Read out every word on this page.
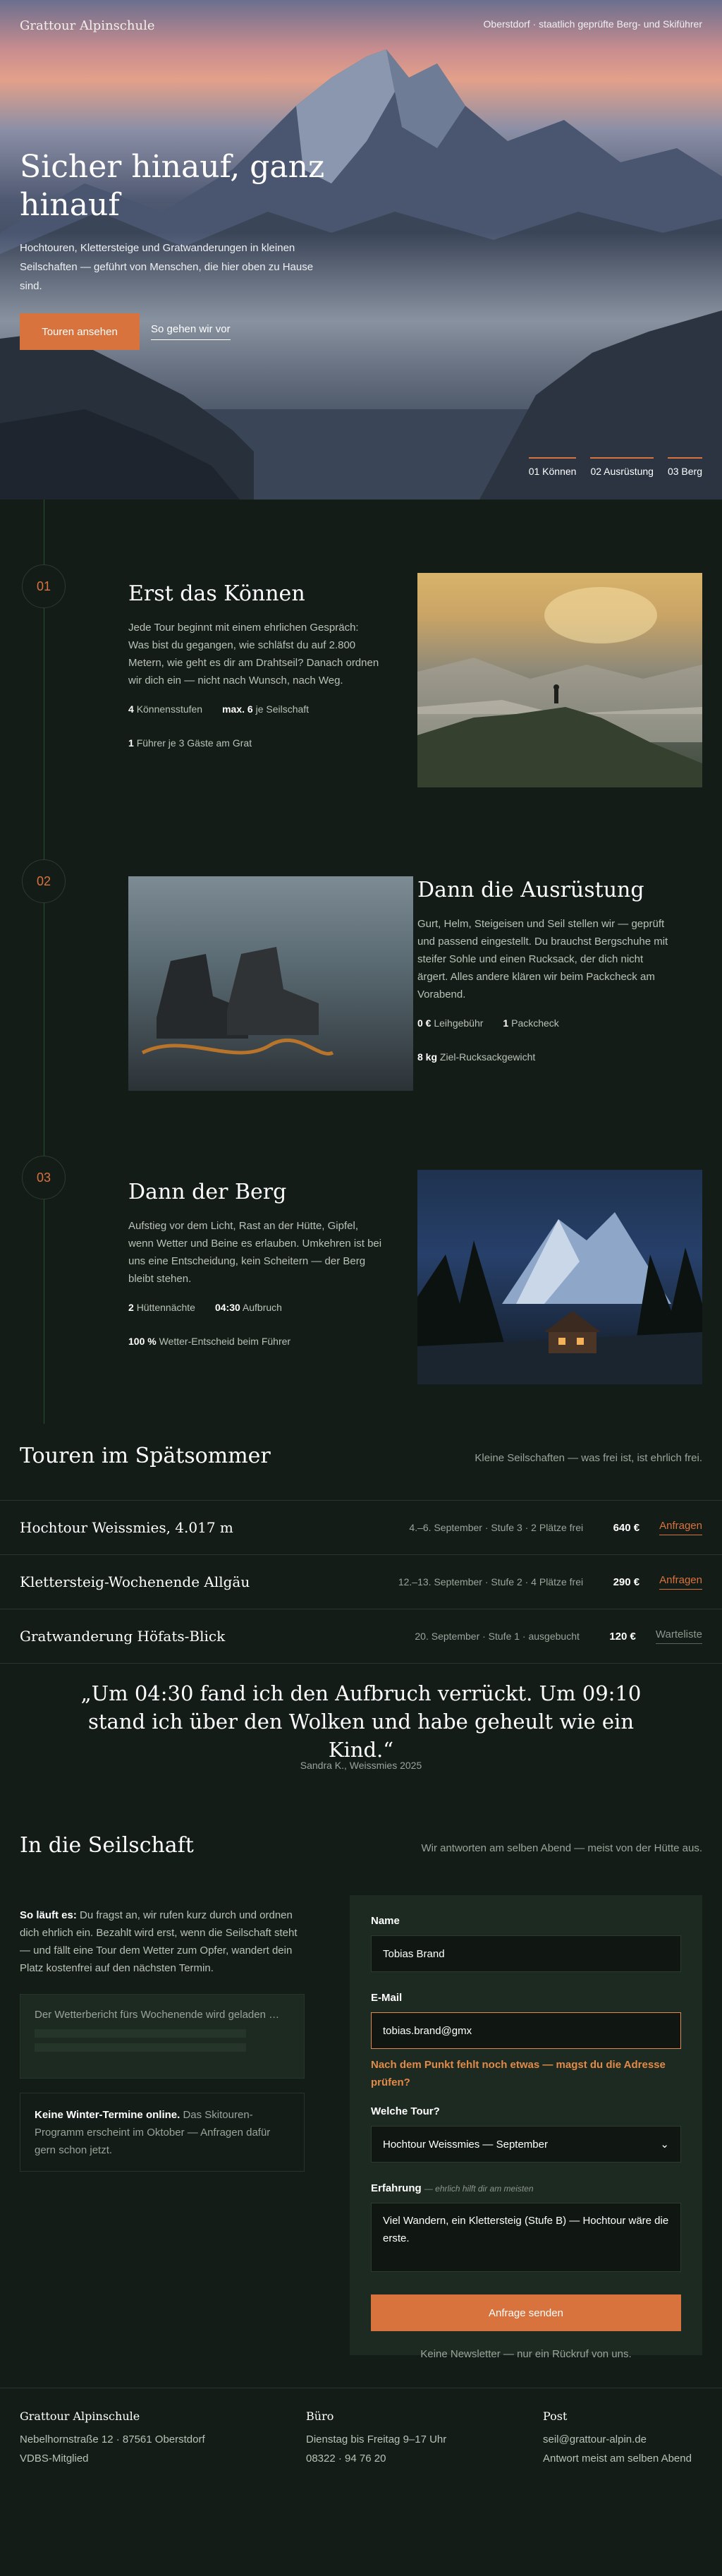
Grattour Alpinschule	Oberstdorf · staatlich geprüfte Berg- und Skiführer
Sicher hinauf, ganz hinauf

Hochtouren, Klettersteige und Gratwanderungen in kleinen Seilschaften — geführt von Menschen, die hier oben zu Hause sind.

Touren ansehen	So gehen wir vor
01 Können 02 Ausrüstung 03 Berg
Erst das Können

Jede Tour beginnt mit einem ehrlichen Gespräch: Was bist du gegangen, wie schläfst du auf 2.800 Metern, wie geht es dir am Drahtseil? Danach ordnen wir dich ein — nicht nach Wunsch, nach Weg.

4 Könnensstufen max. 6 je Seilschaft
1 Führer je 3 Gäste am Grat
01
02	Dann die Ausrüstung

Gurt, Helm, Steigeisen und Seil stellen wir — geprüft und passend eingestellt. Du brauchst Bergschuhe mit steifer Sohle und einen Rucksack, der dich nicht ärgert. Alles andere klären wir beim Packcheck am Vorabend.

0 € Leihgebühr 1 Packcheck
8 kg Ziel-Rucksackgewicht
03
Dann der Berg

Aufstieg vor dem Licht, Rast an der Hütte, Gipfel, wenn Wetter und Beine es erlauben. Umkehren ist bei uns eine Entscheidung, kein Scheitern — der Berg bleibt stehen.

2 Hüttennächte 04:30 Aufbruch
100 % Wetter-Entscheid beim Führer
Touren im Spätsommer	Kleine Seilschaften — was frei ist, ist ehrlich frei.
Hochtour Weissmies, 4.017 m	4.–6. September · Stufe 3 · 2 Plätze frei	640 € Anfragen
Klettersteig-Wochenende Allgäu	12.–13. September · Stufe 2 · 4 Plätze frei	290 € Anfragen
Gratwanderung Höfats-Blick	20. September · Stufe 1 · ausgebucht	120 € Warteliste

„Um 04:30 fand ich den Aufbruch verrückt. Um 09:10 stand ich über den Wolken und habe geheult wie ein Kind.“

Sandra K., Weissmies 2025
In die Seilschaft	Wir antworten am selben Abend — meist von der Hütte aus.

So läuft es: Du fragst an, wir rufen kurz durch und ordnen dich ehrlich ein. Bezahlt wird erst, wenn die Seilschaft steht — und fällt eine Tour dem Wetter zum Opfer, wandert dein Platz kostenfrei auf den nächsten Termin.

Der Wetterbericht fürs Wochenende wird geladen …
Keine Winter-Termine online. Das Skitouren-Programm erscheint im Oktober — Anfragen dafür gern schon jetzt.
Name
Tobias Brand
E-Mail
tobias.brand@gmx
Nach dem Punkt fehlt noch etwas — magst du die Adresse prüfen?
Welche Tour?
Hochtour Weissmies — September	⌄
Erfahrung — ehrlich hilft dir am meisten
Viel Wandern, ein Klettersteig (Stufe B) — Hochtour wäre die erste.
Anfrage senden
Keine Newsletter — nur ein Rückruf von uns.
Grattour Alpinschule
Nebelhornstraße 12 · 87561 Oberstdorf
VDBS-Mitglied
Büro
Dienstag bis Freitag 9–17 Uhr
08322 · 94 76 20
Post
seil@grattour-alpin.de
Antwort meist am selben Abend
